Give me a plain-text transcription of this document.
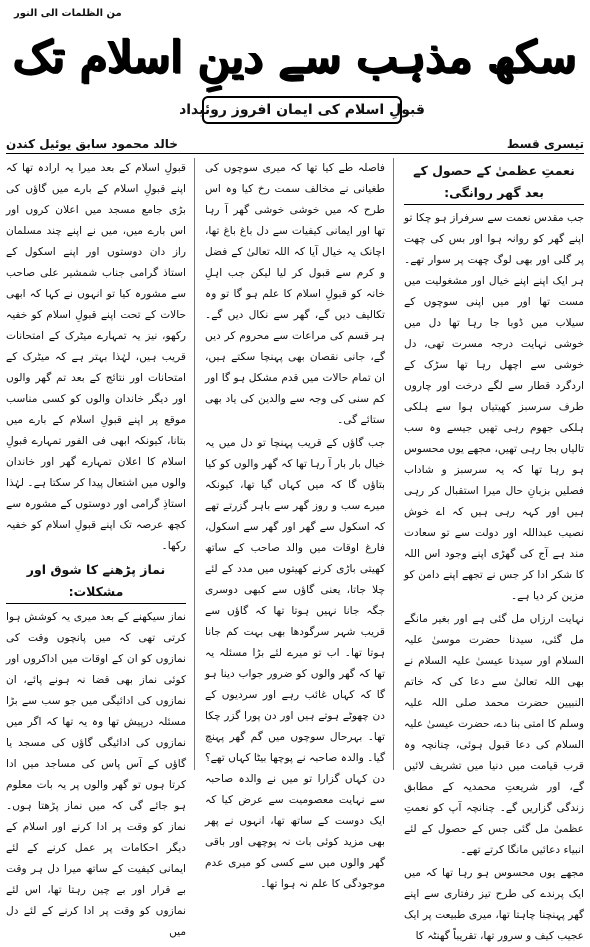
من الظلمات الی النور
سکھ مذہب سے دینِ اسلام تک
قبولِ اسلام کی ایمان افروز روئیداد
تیسری قسط
خالد محمود سابق یوئیل کندن
نعمتِ عظمیٰ کے حصول کے بعد گھر روانگی:
جب مقدس نعمت سے سرفراز ہو چکا تو اپنے گھر کو روانہ ہوا اور بس کی چھت پر گلی اور بھی لوگ چھت پر سوار تھے۔ ہر ایک اپنے اپنے خیال اور مشغولیت میں مست تھا اور میں اپنی سوچوں کے سیلاب میں ڈوبا جا رہا تھا دل میں خوشی نہایت درجہ مسرت تھی، دل خوشی سے اچھل رہا تھا سڑک کے اردگرد قطار سے لگے درخت اور چاروں طرف سرسبز کھیتیاں ہوا سے ہلکی ہلکی جھوم رہی تھیں جیسے وہ سب تالیاں بجا رہی تھیں، مجھے یوں محسوس ہو رہا تھا کہ یہ سرسبز و شاداب فصلیں بزبانِ حال میرا استقبال کر رہی ہیں اور کہہ رہی ہیں کہ اے خوش نصیب عبداللہ اور دولت سے تو سعادت مند ہے آج کی گھڑی اپنے وجود اس اللہ کا شکر ادا کر جس نے تجھے اپنے دامن کو مزین کر دیا ہے۔
نہایت ارزاں مل گئی ہے اور بغیر مانگے مل گئی، سیدنا حضرت موسیٰ علیہ السلام اور سیدنا عیسیٰ علیہ السلام نے بھی اللہ تعالیٰ سے دعا کی کہ خاتم النبیین حضرت محمد صلی اللہ علیہ وسلم کا امتی بنا دے، حضرت عیسیٰ علیہ السلام کی دعا قبول ہوئی، چنانچہ وہ قرب قیامت میں دنیا میں تشریف لائیں گے، اور شریعتِ محمدیہ کے مطابق زندگی گزاریں گے۔ چنانچہ آپ کو نعمتِ عظمیٰ مل گئی جس کے حصول کے لئے انبیاء دعائیں مانگا کرتے تھے۔
مجھے یوں محسوس ہو رہا تھا کہ میں ایک پرندے کی طرح تیز رفتاری سے اپنے گھر پہنچنا چاہتا تھا، میری طبیعت پر ایک عجیب کیف و سرور تھا، تقریباً گھنٹہ کا
فاصلہ طے کیا تھا کہ میری سوچوں کی طغیانی نے مخالف سمت رخ کیا وہ اس طرح کہ میں خوشی خوشی گھر آ رہا تھا اور ایمانی کیفیات سے دل باغ باغ تھا، اچانک یہ خیال آیا کہ اللہ تعالیٰ کے فضل و کرم سے قبول کر لیا لیکن جب اہلِ خانہ کو قبولِ اسلام کا علم ہو گا تو وہ تکالیف دیں گے، گھر سے نکال دیں گے۔ ہر قسم کی مراعات سے محروم کر دیں گے، جانی نقصان بھی پہنچا سکتے ہیں، ان تمام حالات میں قدم مشکل ہو گا اور کم سنی کی وجہ سے والدین کی یاد بھی ستائے گی۔
جب گاؤں کے قریب پہنچا تو دل میں یہ خیال بار بار آ رہا تھا کہ گھر والوں کو کیا بتاؤں گا کہ میں کہاں گیا تھا، کیونکہ میرے سب و روز گھر سے باہر گزرتے تھے کہ اسکول سے گھر اور گھر سے اسکول، فارغ اوقات میں والد صاحب کے ساتھ کھیتی باڑی کرنے کھیتوں میں مدد کے لئے چلا جاتا، یعنی گاؤں سے کبھی دوسری جگہ جانا نہیں ہوتا تھا کہ گاؤں سے قریب شہر سرگودھا بھی بہت کم جانا ہوتا تھا۔ اب تو میرے لئے بڑا مسئلہ یہ تھا کہ گھر والوں کو ضرور جواب دینا ہو گا کہ کہاں غائب رہے اور سردیوں کے دن چھوٹے ہوتے ہیں اور دن پورا گزر چکا تھا۔ بہرحال سوچوں میں گم گھر پہنچ گیا۔ والدہ صاحبہ نے پوچھا بیٹا کہاں تھے؟ دن کہاں گزارا تو میں نے والدہ صاحبہ سے نہایت معصومیت سے عرض کیا کہ ایک دوست کے ساتھ تھا، انہوں نے پھر بھی مزید کوئی بات نہ پوچھی اور باقی گھر والوں میں سے کسی کو میری عدم موجودگی کا علم نہ ہوا تھا۔
قبولِ اسلام کے بعد میرا یہ ارادہ تھا کہ اپنے قبولِ اسلام کے بارے میں گاؤں کی بڑی جامع مسجد میں اعلان کروں اور اس بارے میں، میں نے اپنے چند مسلمان راز دان دوستوں اور اپنے اسکول کے استاذ گرامی جناب شمشیر علی صاحب سے مشورہ کیا تو انہوں نے کہا کہ ابھی حالات کے تحت اپنے قبولِ اسلام کو خفیہ رکھو، نیز یہ تمہارے میٹرک کے امتحانات قریب ہیں، لہٰذا بہتر ہے کہ میٹرک کے امتحانات اور نتائج کے بعد تم گھر والوں اور دیگر خاندان والوں کو کسی مناسب موقع پر اپنے قبولِ اسلام کے بارے میں بتانا، کیونکہ ابھی فی الفور تمہارے قبولِ اسلام کا اعلان تمہارے گھر اور خاندان والوں میں اشتعال پیدا کر سکتا ہے۔ لہٰذا استاذِ گرامی اور دوستوں کے مشورہ سے کچھ عرصہ تک اپنے قبولِ اسلام کو خفیہ رکھا۔
نماز پڑھنے کا شوق اور مشکلات:
نماز سیکھنے کے بعد میری یہ کوشش ہوا کرتی تھی کہ میں پانچوں وقت کی نمازوں کو ان کے اوقات میں اداکروں اور کوئی نماز بھی قضا نہ ہونے پائے، ان نمازوں کی ادائیگی میں جو سب سے بڑا مسئلہ درپیش تھا وہ یہ تھا کہ اگر میں نمازوں کی ادائیگی گاؤں کی مسجد یا گاؤں کے آس پاس کی مساجد میں ادا کرتا ہوں تو گھر والوں پر یہ بات معلوم ہو جائے گی کہ میں نماز پڑھتا ہوں۔ نماز کو وقت پر ادا کرنے اور اسلام کے دیگر احکامات پر عمل کرنے کے لئے ایمانی کیفیت کے ساتھ میرا دل ہر وقت بے قرار اور بے چین رہتا تھا، اس لئے نمازوں کو وقت پر ادا کرنے کے لئے دل میں
